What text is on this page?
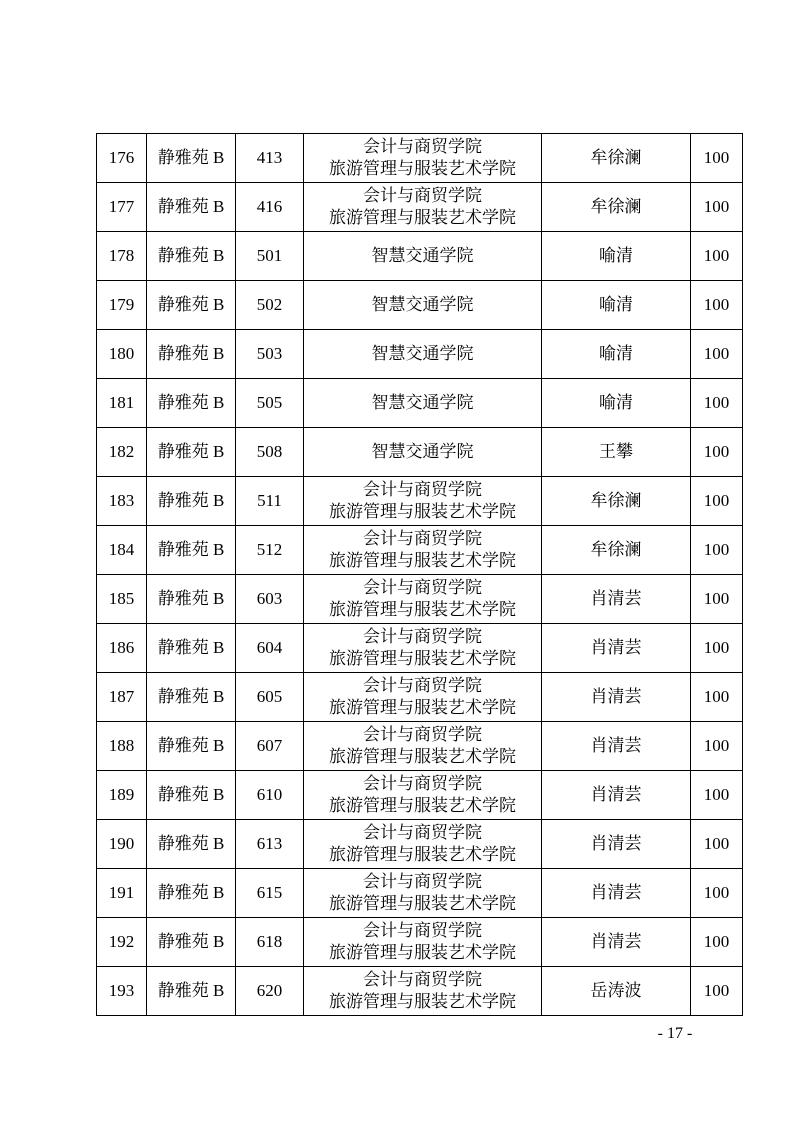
176	静雅苑 B	413	会计与商贸学院
旅游管理与服装艺术学院	牟徐澜	100
177	静雅苑 B	416	会计与商贸学院
旅游管理与服装艺术学院	牟徐澜	100
178	静雅苑 B	501	智慧交通学院	喻清	100
179	静雅苑 B	502	智慧交通学院	喻清	100
180	静雅苑 B	503	智慧交通学院	喻清	100
181	静雅苑 B	505	智慧交通学院	喻清	100
182	静雅苑 B	508	智慧交通学院	王攀	100
183	静雅苑 B	511	会计与商贸学院
旅游管理与服装艺术学院	牟徐澜	100
184	静雅苑 B	512	会计与商贸学院
旅游管理与服装艺术学院	牟徐澜	100
185	静雅苑 B	603	会计与商贸学院
旅游管理与服装艺术学院	肖清芸	100
186	静雅苑 B	604	会计与商贸学院
旅游管理与服装艺术学院	肖清芸	100
187	静雅苑 B	605	会计与商贸学院
旅游管理与服装艺术学院	肖清芸	100
188	静雅苑 B	607	会计与商贸学院
旅游管理与服装艺术学院	肖清芸	100
189	静雅苑 B	610	会计与商贸学院
旅游管理与服装艺术学院	肖清芸	100
190	静雅苑 B	613	会计与商贸学院
旅游管理与服装艺术学院	肖清芸	100
191	静雅苑 B	615	会计与商贸学院
旅游管理与服装艺术学院	肖清芸	100
192	静雅苑 B	618	会计与商贸学院
旅游管理与服装艺术学院	肖清芸	100
193	静雅苑 B	620	会计与商贸学院
旅游管理与服装艺术学院	岳涛波	100
- 17 -
